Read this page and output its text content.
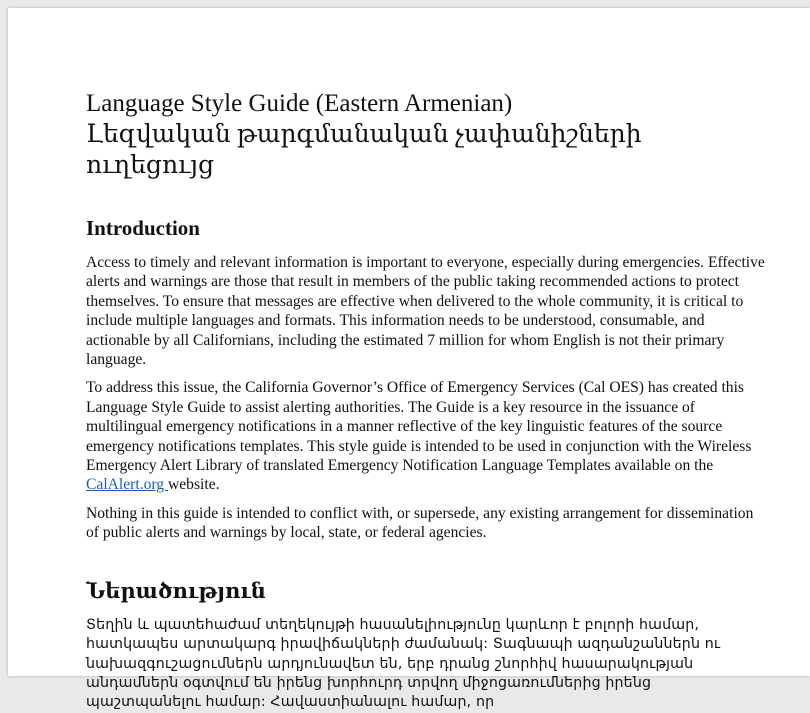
Language Style Guide (Eastern Armenian)
Լեզվական թարգմանական չափանիշների ուղեցույց
Introduction

Access to timely and relevant information is important to everyone, especially during emergencies. Effective alerts and warnings are those that result in members of the public taking recommended actions to protect themselves. To ensure that messages are effective when delivered to the whole community, it is critical to include multiple languages and formats. This information needs to be understood, consumable, and actionable by all Californians, including the estimated 7 million for whom English is not their primary language.

To address this issue, the California Governor’s Office of Emergency Services (Cal OES) has created this Language Style Guide to assist alerting authorities. The Guide is a key resource in the issuance of multilingual emergency notifications in a manner reflective of the key linguistic features of the source emergency notifications templates. This style guide is intended to be used in conjunction with the Wireless Emergency Alert Library of translated Emergency Notification Language Templates available on the CalAlert.org website.

Nothing in this guide is intended to conflict with, or supersede, any existing arrangement for dissemination of public alerts and warnings by local, state, or federal agencies.

Ներածություն

Տեղին և պատեհաժամ տեղեկույթի հասանելիությունը կարևոր է բոլորի համար, հատկապես արտակարգ իրավիճակների ժամանակ: Տագնապի ազդանշաններն ու նախազգուշացումներն արդյունավետ են, երբ դրանց շնորհիվ հասարակության անդամներն օգտվում են իրենց խորհուրդ տրվող միջոցառումներից իրենց պաշտպանելու համար: Հավաստիանալու համար, որ
